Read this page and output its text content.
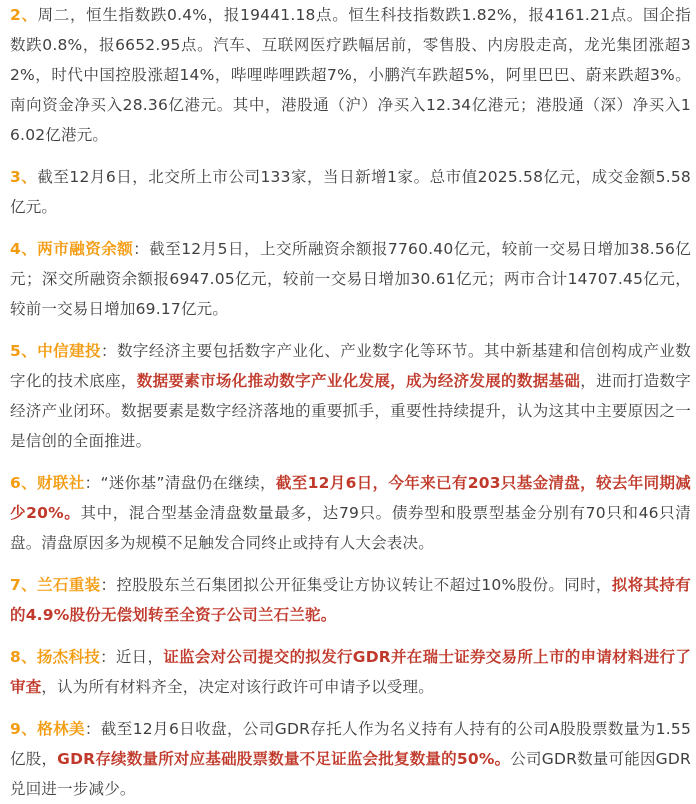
2、周二，恒生指数跌0.4%，报19441.18点。恒生科技指数跌1.82%，报4161.21点。国企指数跌0.8%，报6652.95点。汽车、互联网医疗跌幅居前，零售股、内房股走高，龙光集团涨超32%，时代中国控股涨超14%，哔哩哔哩跌超7%，小鹏汽车跌超5%，阿里巴巴、蔚来跌超3%。南向资金净买入28.36亿港元。其中，港股通（沪）净买入12.34亿港元；港股通（深）净买入16.02亿港元。

3、截至12月6日，北交所上市公司133家，当日新增1家。总市值2025.58亿元，成交金额5.58亿元。

4、两市融资余额：截至12月5日，上交所融资余额报7760.40亿元，较前一交易日增加38.56亿元；深交所融资余额报6947.05亿元，较前一交易日增加30.61亿元；两市合计14707.45亿元，较前一交易日增加69.17亿元。

5、中信建投：数字经济主要包括数字产业化、产业数字化等环节。其中新基建和信创构成产业数字化的技术底座，数据要素市场化推动数字产业化发展，成为经济发展的数据基础，进而打造数字经济产业闭环。数据要素是数字经济落地的重要抓手，重要性持续提升，认为这其中主要原因之一是信创的全面推进。

6、财联社：“迷你基”清盘仍在继续，截至12月6日，今年来已有203只基金清盘，较去年同期减少20%。其中，混合型基金清盘数量最多，达79只。债券型和股票型基金分别有70只和46只清盘。清盘原因多为规模不足触发合同终止或持有人大会表决。

7、兰石重装：控股股东兰石集团拟公开征集受让方协议转让不超过10%股份。同时，拟将其持有的4.9%股份无偿划转至全资子公司兰石兰驼。

8、扬杰科技：近日，证监会对公司提交的拟发行GDR并在瑞士证券交易所上市的申请材料进行了审查，认为所有材料齐全，决定对该行政许可申请予以受理。

9、格林美：截至12月6日收盘，公司GDR存托人作为名义持有人持有的公司A股股票数量为1.55亿股，GDR存续数量所对应基础股票数量不足证监会批复数量的50%。公司GDR数量可能因GDR兑回进一步减少。
